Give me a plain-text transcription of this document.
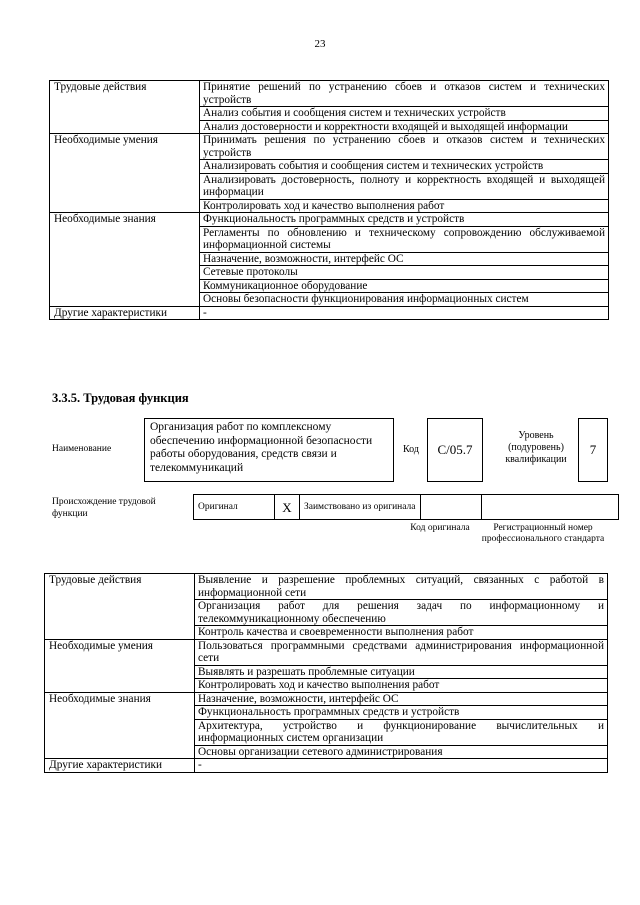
23
Трудовые действия	Принятие решений по устранению сбоев и отказов систем и технических устройств
	Анализ события и сообщения систем и технических устройств
	Анализ достоверности и корректности входящей и выходящей информации
Необходимые умения	Принимать решения по устранению сбоев и отказов систем и технических устройств
	Анализировать события и сообщения систем и технических устройств
	Анализировать достоверность, полноту и корректность входящей и выходящей информации
	Контролировать ход и качество выполнения работ
Необходимые знания	Функциональность программных средств и устройств
	Регламенты по обновлению и техническому сопровождению обслуживаемой информационной системы
	Назначение, возможности, интерфейс ОС
	Сетевые протоколы
	Коммуникационное оборудование
	Основы безопасности функционирования информационных систем
Другие характеристики	-
3.3.5. Трудовая функция
Наименование
Организация работ по комплексному обеспечению информационной безопасности работы оборудования, средств связи и телекоммуникаций
Код	C/05.7
Уровень (подуровень) квалификации
7
Происхождение трудовой функции
Оригинал	X	Заимствовано из оригинала		
Код оригинала	Регистрационный номер профессионального стандарта
Трудовые действия	Выявление и разрешение проблемных ситуаций, связанных с работой в информационной сети
	Организация работ для решения задач по информационному и телекоммуникационному обеспечению
	Контроль качества и своевременности выполнения работ
Необходимые умения	Пользоваться программными средствами администрирования информационной сети
	Выявлять и разрешать проблемные ситуации
	Контролировать ход и качество выполнения работ
Необходимые знания	Назначение, возможности, интерфейс ОС
	Функциональность программных средств и устройств
	Архитектура, устройство и функционирование вычислительных и информационных систем организации
	Основы организации сетевого администрирования
Другие характеристики	-
